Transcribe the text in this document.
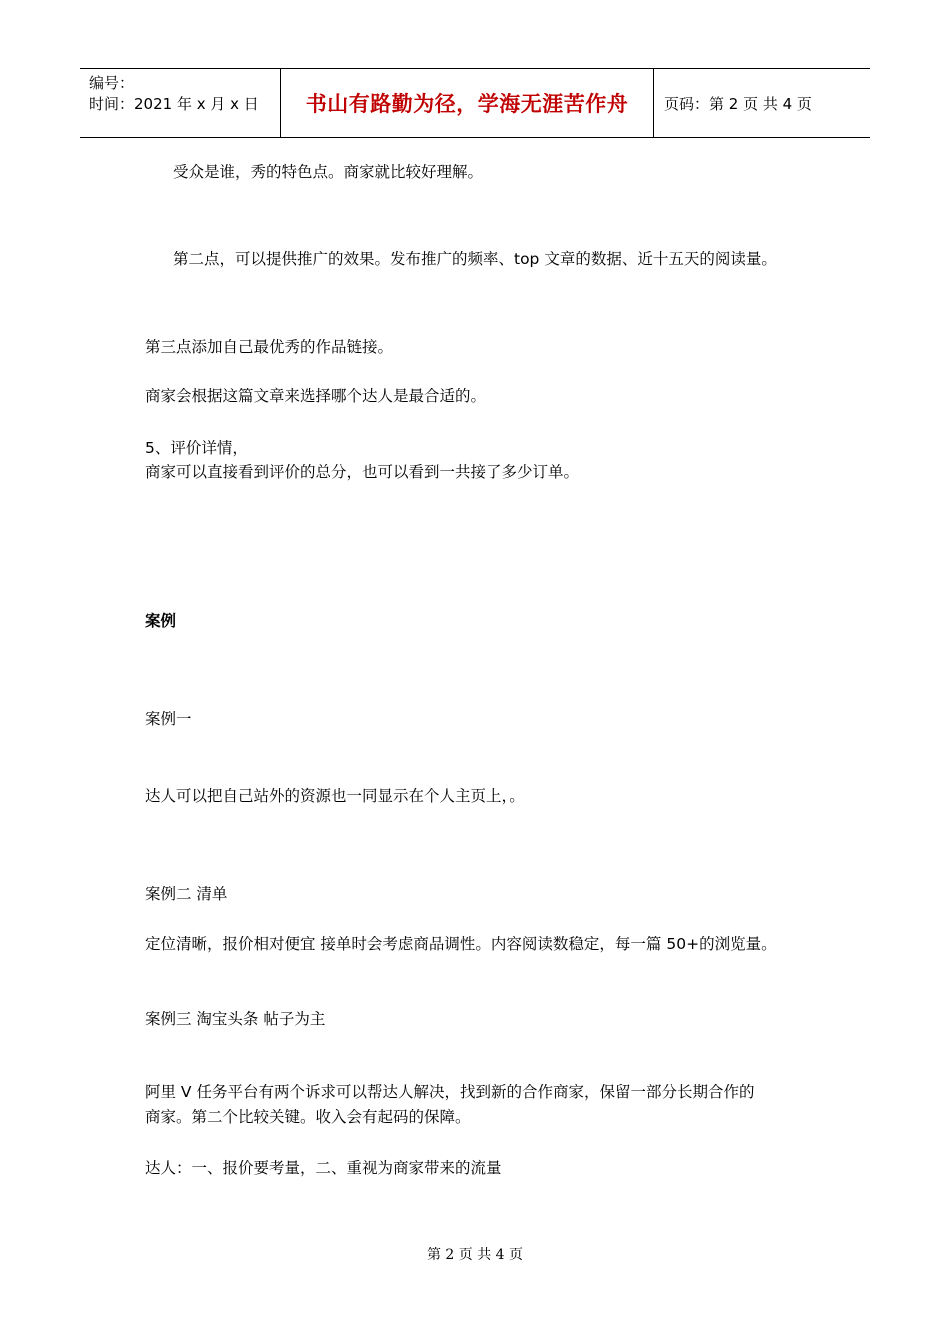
编号：
时间：2021 年 x 月 x 日	书山有路勤为径，学海无涯苦作舟	页码：第 2 页 共 4 页
受众是谁，秀的特色点。商家就比较好理解。
第二点，可以提供推广的效果。发布推广的频率、top 文章的数据、近十五天的阅读量。
第三点添加自己最优秀的作品链接。
商家会根据这篇文章来选择哪个达人是最合适的。
5、评价详情，
商家可以直接看到评价的总分，也可以看到一共接了多少订单。
案例
案例一
达人可以把自己站外的资源也一同显示在个人主页上，。
案例二 清单
定位清晰，报价相对便宜 接单时会考虑商品调性。内容阅读数稳定，每一篇 50+的浏览量。
案例三 淘宝头条 帖子为主
阿里 V 任务平台有两个诉求可以帮达人解决，找到新的合作商家，保留一部分长期合作的
商家。第二个比较关键。收入会有起码的保障。
达人：一、报价要考量，二、重视为商家带来的流量
第 2 页 共 4 页
